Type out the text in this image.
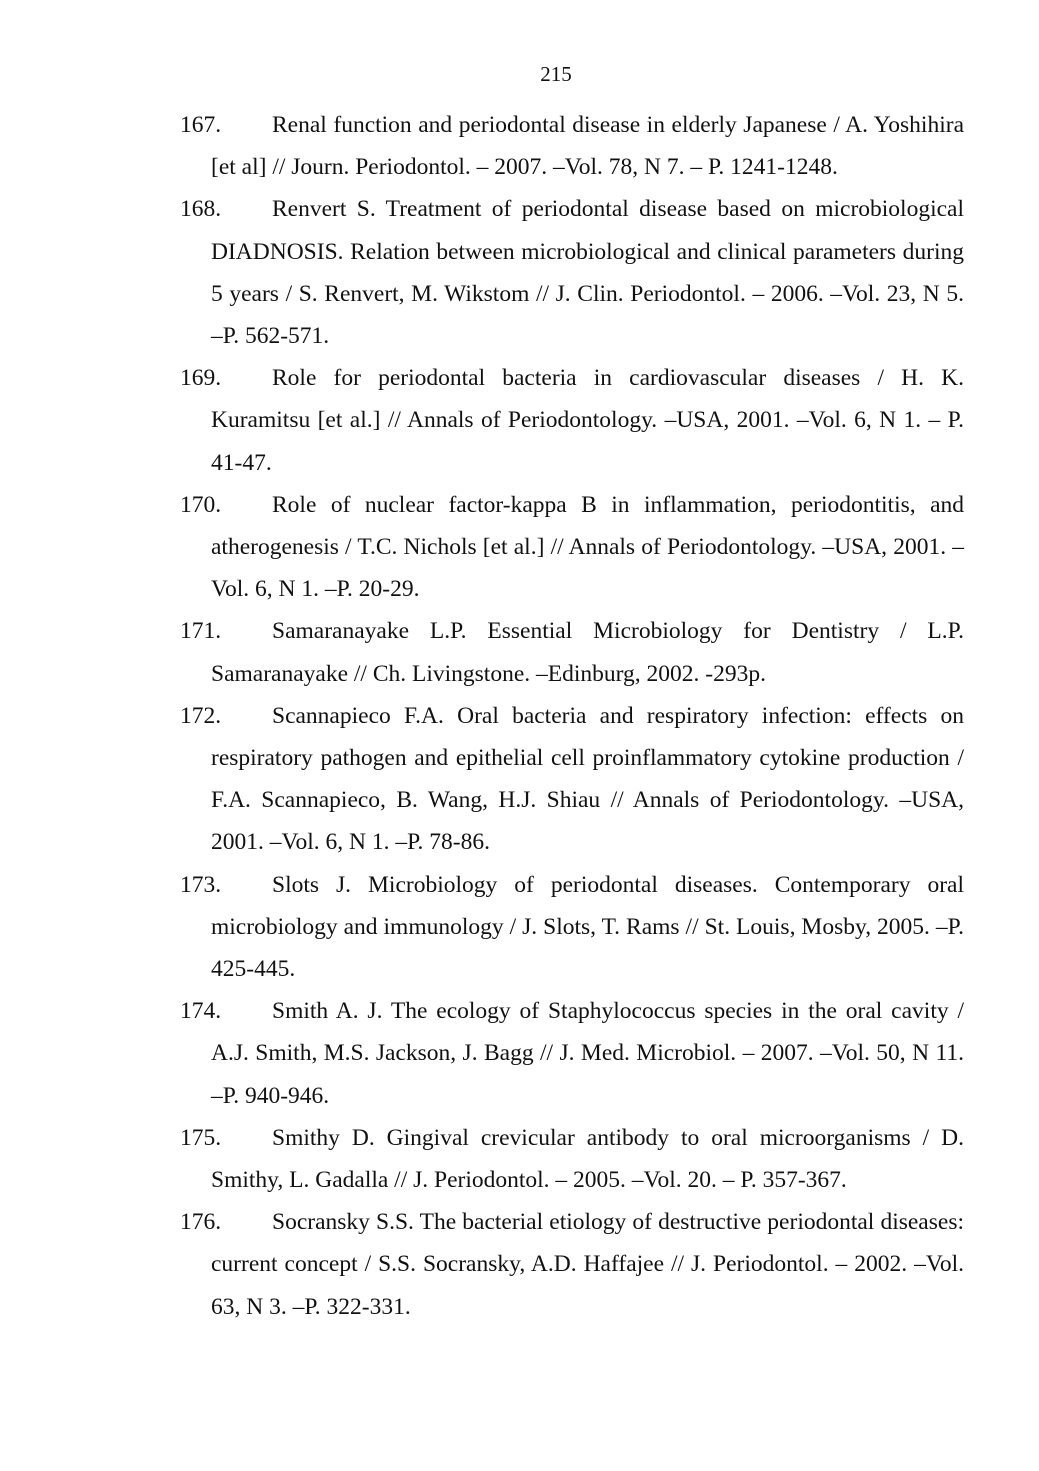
215
167. Renal function and periodontal disease in elderly Japanese / A. Yoshihira [et al] // Journ. Periodontol. – 2007. –Vol. 78, N 7. – P. 1241-1248.
168. Renvert S. Treatment of periodontal disease based on microbiological DIADNOSIS. Relation between microbiological and clinical parameters during 5 years / S. Renvert, M. Wikstom // J. Clin. Periodontol. – 2006. –Vol. 23, N 5. –P. 562-571.
169. Role for periodontal bacteria in cardiovascular diseases / H. K. Kuramitsu [et al.] // Annals of Periodontology. –USA, 2001. –Vol. 6, N 1. – P. 41-47.
170. Role of nuclear factor-kappa B in inflammation, periodontitis, and atherogenesis / T.C. Nichols [et al.] // Annals of Periodontology. –USA, 2001. –Vol. 6, N 1. –P. 20-29.
171. Samaranayake L.P. Essential Microbiology for Dentistry / L.P. Samaranayake // Ch. Livingstone. –Edinburg, 2002. -293p.
172. Scannapieco F.A. Oral bacteria and respiratory infection: effects on respiratory pathogen and epithelial cell proinflammatory cytokine production / F.A. Scannapieco, B. Wang, H.J. Shiau // Annals of Periodontology. –USA, 2001. –Vol. 6, N 1. –P. 78-86.
173. Slots J. Microbiology of periodontal diseases. Contemporary oral microbiology and immunology / J. Slots, T. Rams // St. Louis, Mosby, 2005. –P. 425-445.
174. Smith A. J. The ecology of Staphylococcus species in the oral cavity / A.J. Smith, M.S. Jackson, J. Bagg // J. Med. Microbiol. – 2007. –Vol. 50, N 11. –P. 940-946.
175. Smithy D. Gingival crevicular antibody to oral microorganisms / D. Smithy, L. Gadalla // J. Periodontol. – 2005. –Vol. 20. – P. 357-367.
176. Socransky S.S. The bacterial etiology of destructive periodontal diseases: current concept / S.S. Socransky, A.D. Haffajee // J. Periodontol. – 2002. –Vol. 63, N 3. –P. 322-331.
